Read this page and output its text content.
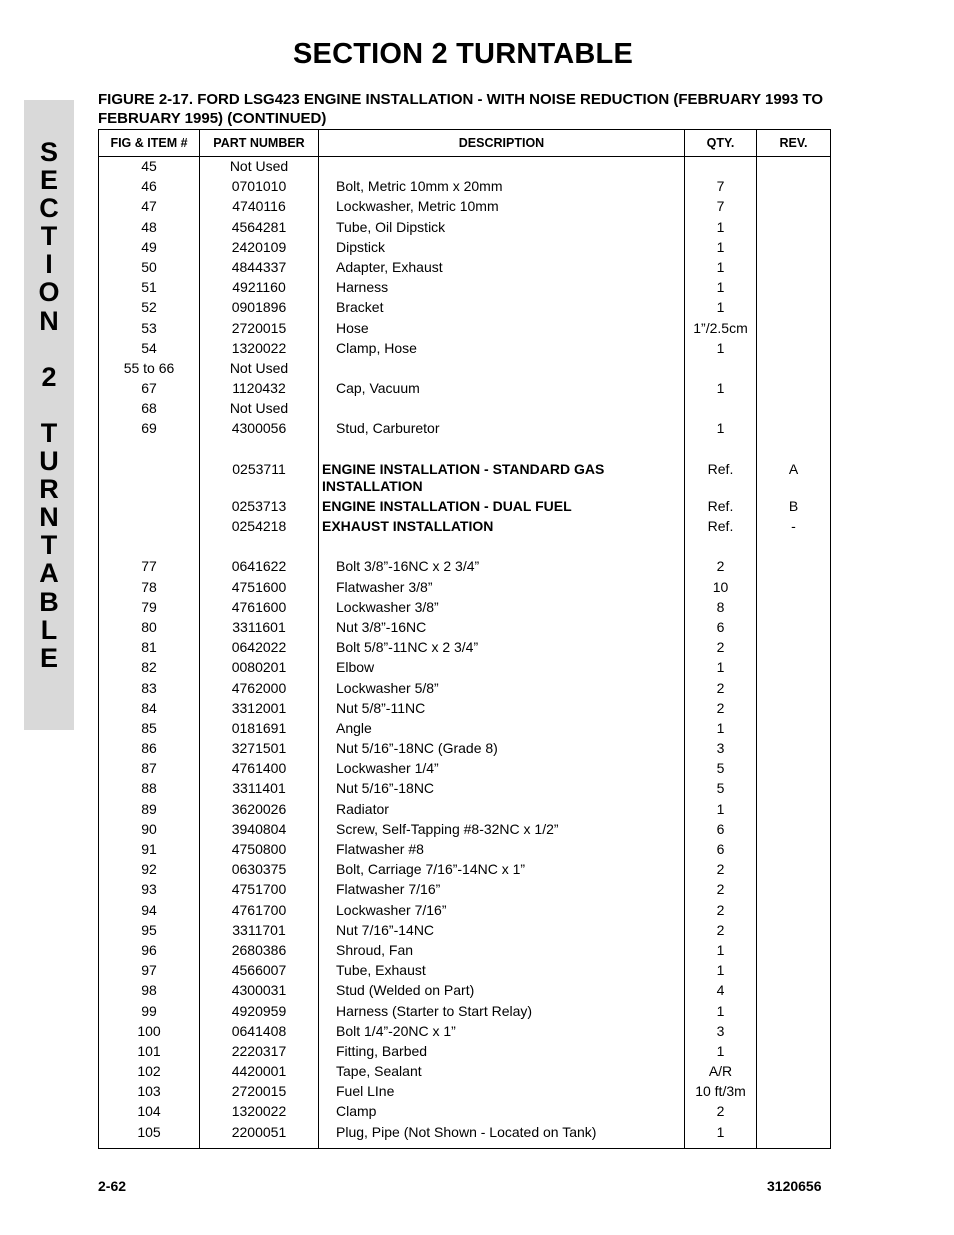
SECTION 2 TURNTABLE
S
E
C
T
I
O
N
2
T
U
R
N
T
A
B
L
E
FIGURE 2-17. FORD LSG423 ENGINE INSTALLATION - WITH NOISE REDUCTION (FEBRUARY 1993 TO FEBRUARY 1995) (CONTINUED)
FIG & ITEM #	PART NUMBER	DESCRIPTION	QTY.	REV.
45	Not Used			
46	0701010	Bolt, Metric 10mm x 20mm	7	
47	4740116	Lockwasher, Metric 10mm	7	
48	4564281	Tube, Oil Dipstick	1	
49	2420109	Dipstick	1	
50	4844337	Adapter, Exhaust	1	
51	4921160	Harness	1	
52	0901896	Bracket	1	
53	2720015	Hose	1”/2.5cm	
54	1320022	Clamp, Hose	1	
55 to 66	Not Used			
67	1120432	Cap, Vacuum	1	
68	Not Used			
69	4300056	Stud, Carburetor	1	

	0253711	ENGINE INSTALLATION - STANDARD GAS INSTALLATION	Ref.	A
	0253713	ENGINE INSTALLATION - DUAL FUEL	Ref.	B
	0254218	EXHAUST INSTALLATION	Ref.	-

77	0641622	Bolt 3/8”-16NC x 2 3/4”	2	
78	4751600	Flatwasher 3/8”	10	
79	4761600	Lockwasher 3/8”	8	
80	3311601	Nut 3/8”-16NC	6	
81	0642022	Bolt 5/8”-11NC x 2 3/4”	2	
82	0080201	Elbow	1	
83	4762000	Lockwasher 5/8”	2	
84	3312001	Nut 5/8”-11NC	2	
85	0181691	Angle	1	
86	3271501	Nut 5/16”-18NC (Grade 8)	3	
87	4761400	Lockwasher 1/4”	5	
88	3311401	Nut 5/16”-18NC	5	
89	3620026	Radiator	1	
90	3940804	Screw, Self-Tapping #8-32NC x 1/2”	6	
91	4750800	Flatwasher #8	6	
92	0630375	Bolt, Carriage 7/16”-14NC x 1”	2	
93	4751700	Flatwasher 7/16”	2	
94	4761700	Lockwasher 7/16”	2	
95	3311701	Nut 7/16”-14NC	2	
96	2680386	Shroud, Fan	1	
97	4566007	Tube, Exhaust	1	
98	4300031	Stud (Welded on Part)	4	
99	4920959	Harness (Starter to Start Relay)	1	
100	0641408	Bolt 1/4”-20NC x 1”	3	
101	2220317	Fitting, Barbed	1	
102	4420001	Tape, Sealant	A/R	
103	2720015	Fuel LIne	10 ft/3m	
104	1320022	Clamp	2	
105	2200051	Plug, Pipe (Not Shown - Located on Tank)	1	
2-62	3120656
